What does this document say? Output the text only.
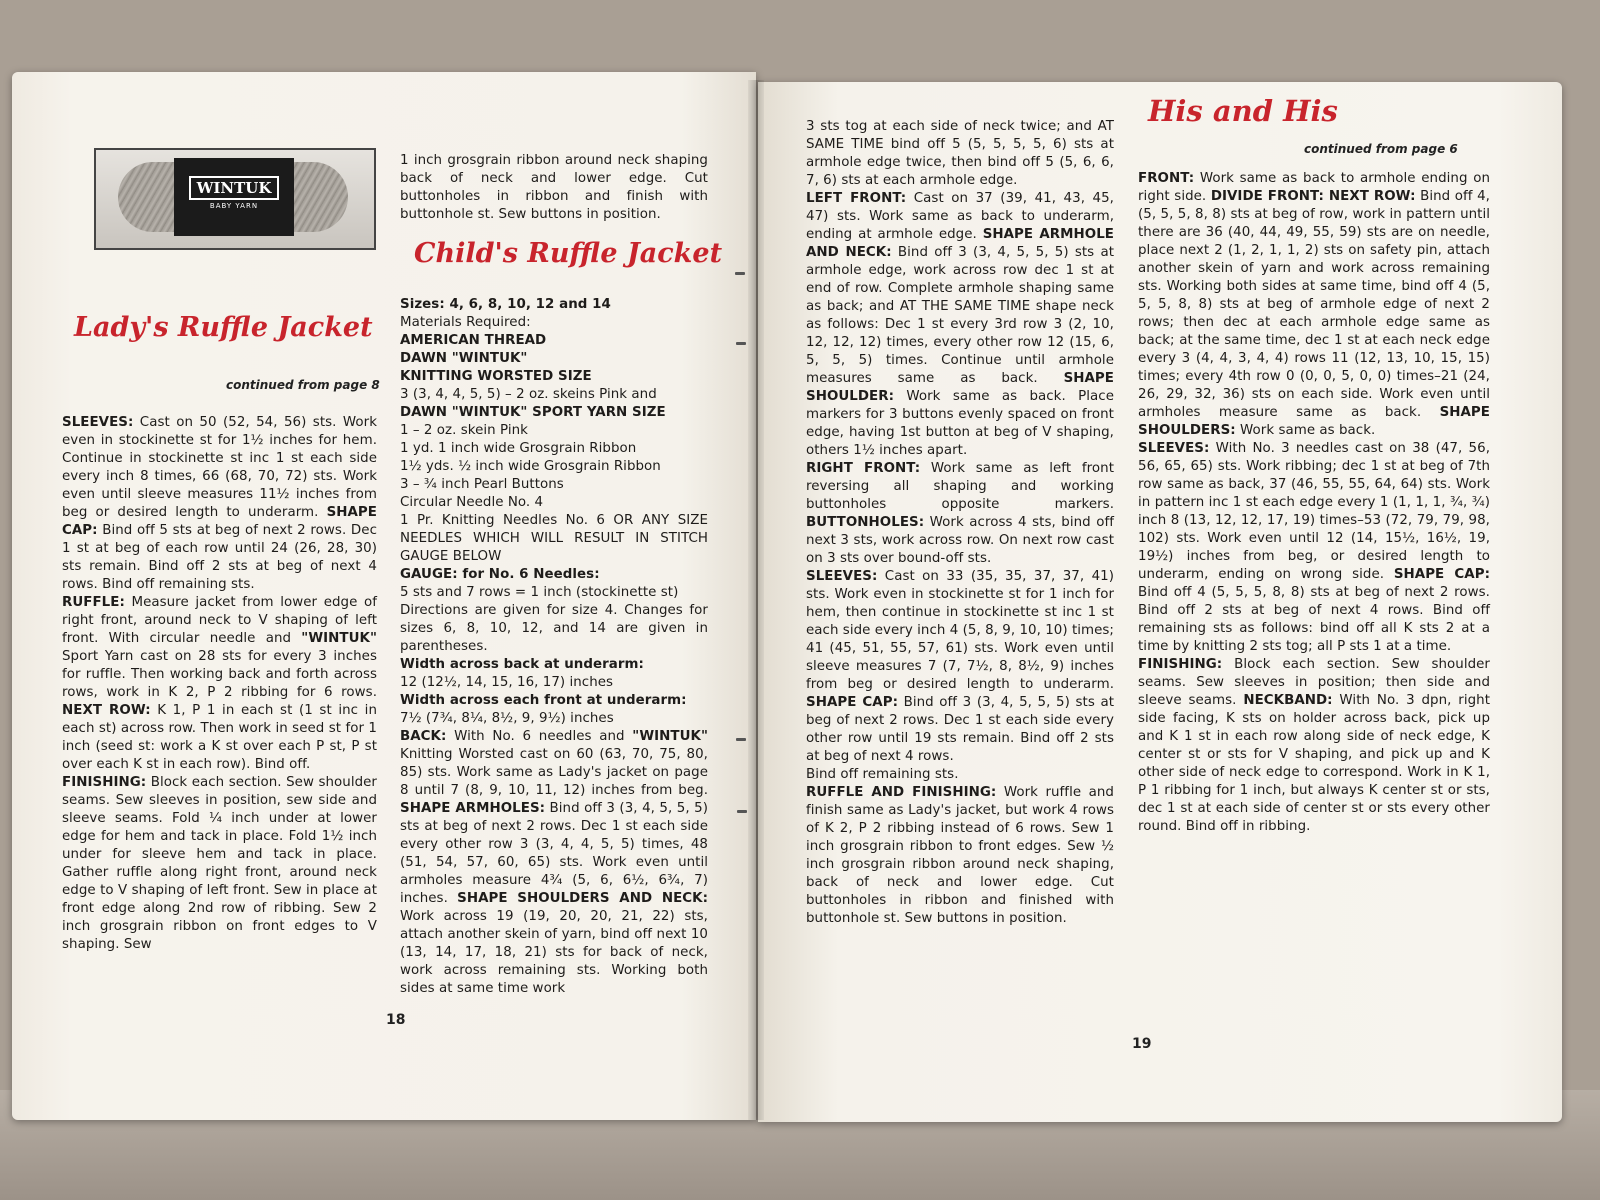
WINTUK
BABY YARN
Lady's Ruffle Jacket
continued from page 8
SLEEVES: Cast on 50 (52, 54, 56) sts. Work even in stockinette st for 1½ inches for hem. Continue in stockinette st inc 1 st each side every inch 8 times, 66 (68, 70, 72) sts. Work even until sleeve measures 11½ inches from beg or desired length to underarm. SHAPE CAP: Bind off 5 sts at beg of next 2 rows. Dec 1 st at beg of each row until 24 (26, 28, 30) sts remain. Bind off 2 sts at beg of next 4 rows. Bind off remaining sts.
RUFFLE: Measure jacket from lower edge of right front, around neck to V shaping of left front. With circular needle and "WINTUK" Sport Yarn cast on 28 sts for every 3 inches for ruffle. Then working back and forth across rows, work in K 2, P 2 ribbing for 6 rows. NEXT ROW: K 1, P 1 in each st (1 st inc in each st) across row. Then work in seed st for 1 inch (seed st: work a K st over each P st, P st over each K st in each row). Bind off.
FINISHING: Block each section. Sew shoulder seams. Sew sleeves in position, sew side and sleeve seams. Fold ¼ inch under at lower edge for hem and tack in place. Fold 1½ inch under for sleeve hem and tack in place. Gather ruffle along right front, around neck edge to V shaping of left front. Sew in place at front edge along 2nd row of ribbing. Sew 2 inch grosgrain ribbon on front edges to V shaping. Sew
1 inch grosgrain ribbon around neck shaping back of neck and lower edge. Cut buttonholes in ribbon and finish with buttonhole st. Sew buttons in position.
Child's Ruffle Jacket
Sizes: 4, 6, 8, 10, 12 and 14
Materials Required:
AMERICAN THREAD
DAWN "WINTUK"
KNITTING WORSTED SIZE
3 (3, 4, 4, 5, 5) – 2 oz. skeins Pink and
DAWN "WINTUK" SPORT YARN SIZE
1 – 2 oz. skein Pink
1 yd. 1 inch wide Grosgrain Ribbon
1½ yds. ½ inch wide Grosgrain Ribbon
3 – ¾ inch Pearl Buttons
Circular Needle No. 4
1 Pr. Knitting Needles No. 6 OR ANY SIZE NEEDLES WHICH WILL RESULT IN STITCH GAUGE BELOW
GAUGE: for No. 6 Needles:
5 sts and 7 rows = 1 inch (stockinette st)
Directions are given for size 4. Changes for sizes 6, 8, 10, 12, and 14 are given in parentheses.
Width across back at underarm:
12 (12½, 14, 15, 16, 17) inches
Width across each front at underarm:
7½ (7¾, 8¼, 8½, 9, 9½) inches
BACK: With No. 6 needles and "WINTUK" Knitting Worsted cast on 60 (63, 70, 75, 80, 85) sts. Work same as Lady's jacket on page 8 until 7 (8, 9, 10, 11, 12) inches from beg. SHAPE ARMHOLES: Bind off 3 (3, 4, 5, 5, 5) sts at beg of next 2 rows. Dec 1 st each side every other row 3 (3, 4, 4, 5, 5) times, 48 (51, 54, 57, 60, 65) sts. Work even until armholes measure 4¾ (5, 6, 6½, 6¾, 7) inches. SHAPE SHOULDERS AND NECK: Work across 19 (19, 20, 20, 21, 22) sts, attach another skein of yarn, bind off next 10 (13, 14, 17, 18, 21) sts for back of neck, work across remaining sts. Working both sides at same time work
18
3 sts tog at each side of neck twice; and AT SAME TIME bind off 5 (5, 5, 5, 5, 6) sts at armhole edge twice, then bind off 5 (5, 6, 6, 7, 6) sts at each armhole edge.
LEFT FRONT: Cast on 37 (39, 41, 43, 45, 47) sts. Work same as back to underarm, ending at armhole edge. SHAPE ARMHOLE AND NECK: Bind off 3 (3, 4, 5, 5, 5) sts at armhole edge, work across row dec 1 st at end of row. Complete armhole shaping same as back; and AT THE SAME TIME shape neck as follows: Dec 1 st every 3rd row 3 (2, 10, 12, 12, 12) times, every other row 12 (15, 6, 5, 5, 5) times. Continue until armhole measures same as back. SHAPE SHOULDER: Work same as back. Place markers for 3 buttons evenly spaced on front edge, having 1st button at beg of V shaping, others 1½ inches apart.
RIGHT FRONT: Work same as left front reversing all shaping and working buttonholes opposite markers. BUTTONHOLES: Work across 4 sts, bind off next 3 sts, work across row. On next row cast on 3 sts over bound-off sts.
SLEEVES: Cast on 33 (35, 35, 37, 37, 41) sts. Work even in stockinette st for 1 inch for hem, then continue in stockinette st inc 1 st each side every inch 4 (5, 8, 9, 10, 10) times; 41 (45, 51, 55, 57, 61) sts. Work even until sleeve measures 7 (7, 7½, 8, 8½, 9) inches from beg or desired length to underarm. SHAPE CAP: Bind off 3 (3, 4, 5, 5, 5) sts at beg of next 2 rows. Dec 1 st each side every other row until 19 sts remain. Bind off 2 sts at beg of next 4 rows.
Bind off remaining sts.
RUFFLE AND FINISHING: Work ruffle and finish same as Lady's jacket, but work 4 rows of K 2, P 2 ribbing instead of 6 rows. Sew 1 inch grosgrain ribbon to front edges. Sew ½ inch grosgrain ribbon around neck shaping, back of neck and lower edge. Cut buttonholes in ribbon and finished with buttonhole st. Sew buttons in position.
His and His
continued from page 6
FRONT: Work same as back to armhole ending on right side. DIVIDE FRONT: NEXT ROW: Bind off 4, (5, 5, 5, 8, 8) sts at beg of row, work in pattern until there are 36 (40, 44, 49, 55, 59) sts are on needle, place next 2 (1, 2, 1, 1, 2) sts on safety pin, attach another skein of yarn and work across remaining sts. Working both sides at same time, bind off 4 (5, 5, 5, 8, 8) sts at beg of armhole edge of next 2 rows; then dec at each armhole edge same as back; at the same time, dec 1 st at each neck edge every 3 (4, 4, 3, 4, 4) rows 11 (12, 13, 10, 15, 15) times; every 4th row 0 (0, 0, 5, 0, 0) times–21 (24, 26, 29, 32, 36) sts on each side. Work even until armholes measure same as back. SHAPE SHOULDERS: Work same as back.
SLEEVES: With No. 3 needles cast on 38 (47, 56, 56, 65, 65) sts. Work ribbing; dec 1 st at beg of 7th row same as back, 37 (46, 55, 55, 64, 64) sts. Work in pattern inc 1 st each edge every 1 (1, 1, 1, ¾, ¾) inch 8 (13, 12, 12, 17, 19) times–53 (72, 79, 79, 98, 102) sts. Work even until 12 (14, 15½, 16½, 19, 19½) inches from beg, or desired length to underarm, ending on wrong side. SHAPE CAP: Bind off 4 (5, 5, 5, 8, 8) sts at beg of next 2 rows. Bind off 2 sts at beg of next 4 rows. Bind off remaining sts as follows: bind off all K sts 2 at a time by knitting 2 sts tog; all P sts 1 at a time.
FINISHING: Block each section. Sew shoulder seams. Sew sleeves in position; then side and sleeve seams. NECKBAND: With No. 3 dpn, right side facing, K sts on holder across back, pick up and K 1 st in each row along side of neck edge, K center st or sts for V shaping, and pick up and K other side of neck edge to correspond. Work in K 1, P 1 ribbing for 1 inch, but always K center st or sts, dec 1 st at each side of center st or sts every other round. Bind off in ribbing.
19
